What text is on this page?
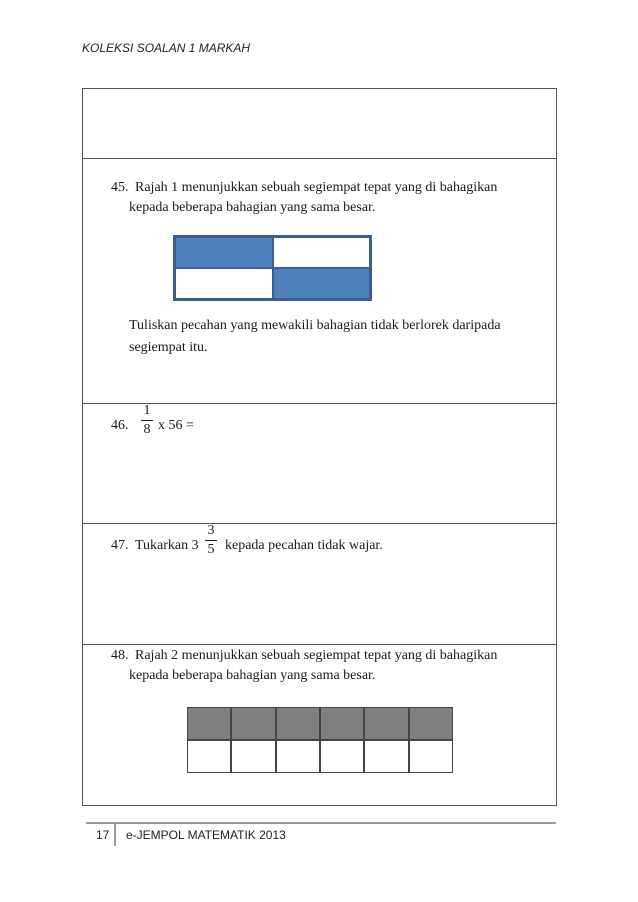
KOLEKSI SOALAN 1 MARKAH
45. Rajah 1 menunjukkan sebuah segiempat tepat yang di bahagikan
kepada beberapa bahagian yang sama besar.
Tuliskan pecahan yang mewakili bahagian tidak berlorek daripada
segiempat itu.
46.
1
8 x 56 =
47. Tukarkan 3
3
5 kepada pecahan tidak wajar.
48. Rajah 2 menunjukkan sebuah segiempat tepat yang di bahagikan
kepada beberapa bahagian yang sama besar.
17 e-JEMPOL MATEMATIK 2013
